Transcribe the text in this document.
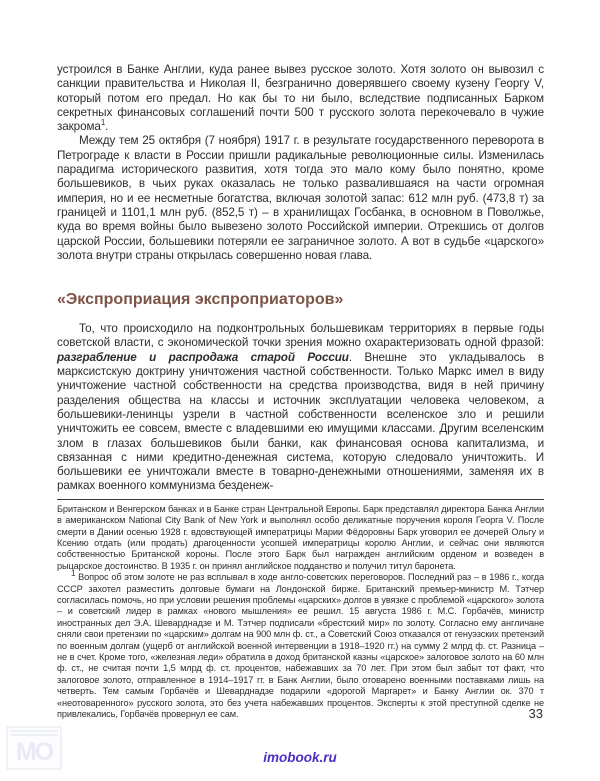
устроился в Банке Англии, куда ранее вывез русское золото. Хотя золото он вывозил с санкции правительства и Николая II, безгранично доверявшего своему кузену Георгу V, который потом его предал. Но как бы то ни было, вследствие подписанных Барком секретных финансовых соглашений почти 500 т русского золота перекочевало в чужие закрома$^1$.

Между тем 25 октября (7 ноября) 1917 г. в результате государственного переворота в Петрограде к власти в России пришли радикальные революционные силы. Изменилась парадигма исторического развития, хотя тогда это мало кому было понятно, кроме большевиков, в чьих руках оказалась не только развалившаяся на части огромная империя, но и ее несметные богатства, включая золотой запас: 612 млн руб. (473,8 т) за границей и 1101,1 млн руб. (852,5 т) – в хранилищах Госбанка, в основном в Поволжье, куда во время войны было вывезено золото Российской империи. Отрекшись от долгов царской России, большевики потеряли ее заграничное золото. А вот в судьбе «царского» золота внутри страны открылась совершенно новая глава.

«Экспроприация экспроприаторов»

То, что происходило на подконтрольных большевикам территориях в первые годы советской власти, с экономической точки зрения можно охарактеризовать одной фразой: разграбление и распродажа старой России. Внешне это укладывалось в марксистскую доктрину уничтожения частной собственности. Только Маркс имел в виду уничтожение частной собственности на средства производства, видя в ней причину разделения общества на классы и источник эксплуатации человека человеком, а большевики-ленинцы узрели в частной собственности вселенское зло и решили уничтожить ее совсем, вместе с владевшими ею имущими классами. Другим вселенским злом в глазах большевиков были банки, как финансовая основа капитализма, и связанная с ними кредитно-денежная система, которую следовало уничтожить. И большевики ее уничтожали вместе в товарно-денежными отношениями, заменяя их в рамках военного коммунизма безденеж-

Британском и Венгерском банках и в Банке стран Центральной Европы. Барк представлял директора Банка Англии в американском National City Bank of New York и выполнял особо деликатные поручения короля Георга V. После смерти в Дании осенью 1928 г. вдовствующей императрицы Марии Фёдоровны Барк уговорил ее дочерей Ольгу и Ксению отдать (или продать) драгоценности усопшей императрицы королю Англии, и сейчас они являются собственностью Британской короны. После этого Барк был награжден английским орденом и возведен в рыцарское достоинство. В 1935 г. он принял английское подданство и получил титул баронета.

$^1$ Вопрос об этом золоте не раз всплывал в ходе англо-советских переговоров. Последний раз – в 1986 г., когда СССР захотел разместить долговые бумаги на Лондонской бирже. Британский премьер-министр М. Тэтчер согласилась помочь, но при условии решения проблемы «царских» долгов в увязке с проблемой «царского» золота – и советский лидер в рамках «нового мышления» ее решил. 15 августа 1986 г. М.С. Горбачёв, министр иностранных дел Э.А. Шеварднадзе и М. Тэтчер подписали «брестский мир» по золоту. Согласно ему англичане сняли свои претензии по «царским» долгам на 900 млн ф. ст., а Советский Союз отказался от генуэзских претензий по военным долгам (ущерб от английской военной интервенции в 1918–1920 гг.) на сумму 2 млрд ф. ст. Разница – не в счет. Кроме того, «железная леди» обратила в доход британской казны «царское» залоговое золото на 60 млн ф. ст., не считая почти 1,5 млрд ф. ст. процентов, набежавших за 70 лет. При этом был забыт тот факт, что залоговое золото, отправленное в 1914–1917 гг. в Банк Англии, было отоварено военными поставками лишь на четверть. Тем самым Горбачёв и Шеварднадзе подарили «дорогой Маргарет» и Банку Англии ок. 370 т «неотоваренного» русского золота, это без учета набежавших процентов. Эксперты к этой преступной сделке не привлекались, Горбачёв провернул ее сам.	33
MO	imobook.ru
